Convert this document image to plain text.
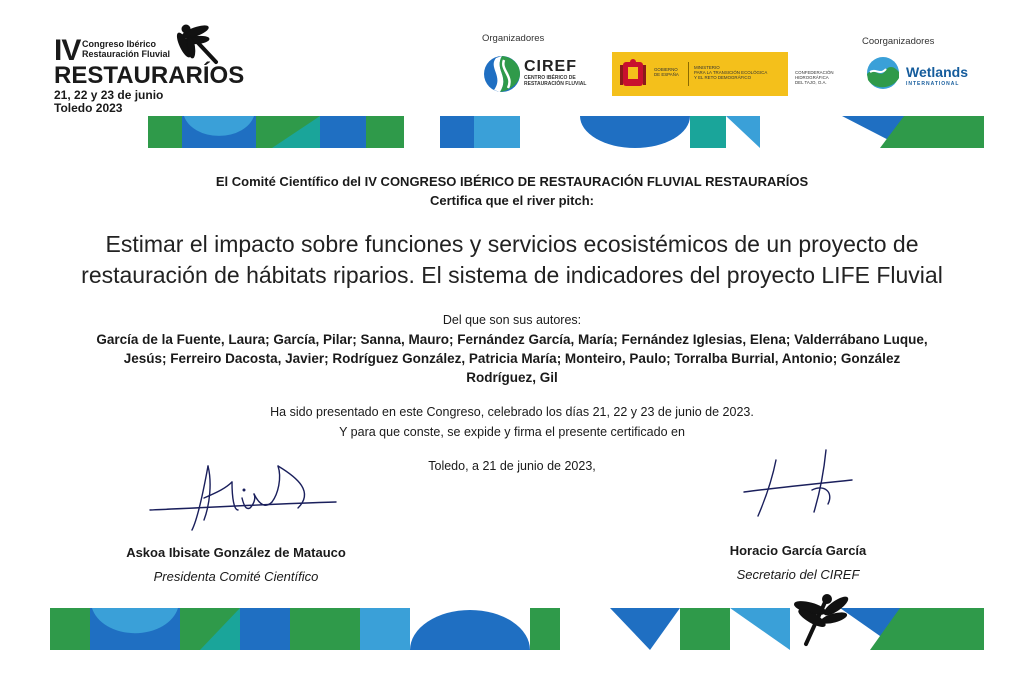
IV Congreso Ibérico
Restauración Fluvial
RESTAURARÍOS
21, 22 y 23 de junio
Toledo 2023
Organizadores	Coorganizadores
CIREF
CENTRO IBÉRICO DE
RESTAURACIÓN FLUVIAL
GOBIERNO
DE ESPAÑA
MINISTERIO
PARA LA TRANSICIÓN ECOLÓGICA
Y EL RETO DEMOGRÁFICO
CONFEDERACIÓN
HIDROGRÁFICA
DEL TAJO, O.A.
Wetlands
INTERNATIONAL
El Comité Científico del IV CONGRESO IBÉRICO DE RESTAURACIÓN FLUVIAL RESTAURARÍOS
Certifica que el river pitch:
Estimar el impacto sobre funciones y servicios ecosistémicos de un proyecto de
restauración de hábitats riparios. El sistema de indicadores del proyecto LIFE Fluvial
Del que son sus autores:
García de la Fuente, Laura; García, Pilar; Sanna, Mauro; Fernández García, María; Fernández Iglesias, Elena; Valderrábano Luque,
Jesús; Ferreiro Dacosta, Javier; Rodríguez González, Patricia María; Monteiro, Paulo; Torralba Burrial, Antonio; González
Rodríguez, Gil
Ha sido presentado en este Congreso, celebrado los días 21, 22 y 23 de junio de 2023.
Y para que conste, se expide y firma el presente certificado en
Toledo, a 21 de junio de 2023,
Askoa Ibisate González de Matauco
Presidenta Comité Científico
Horacio García García
Secretario del CIREF
